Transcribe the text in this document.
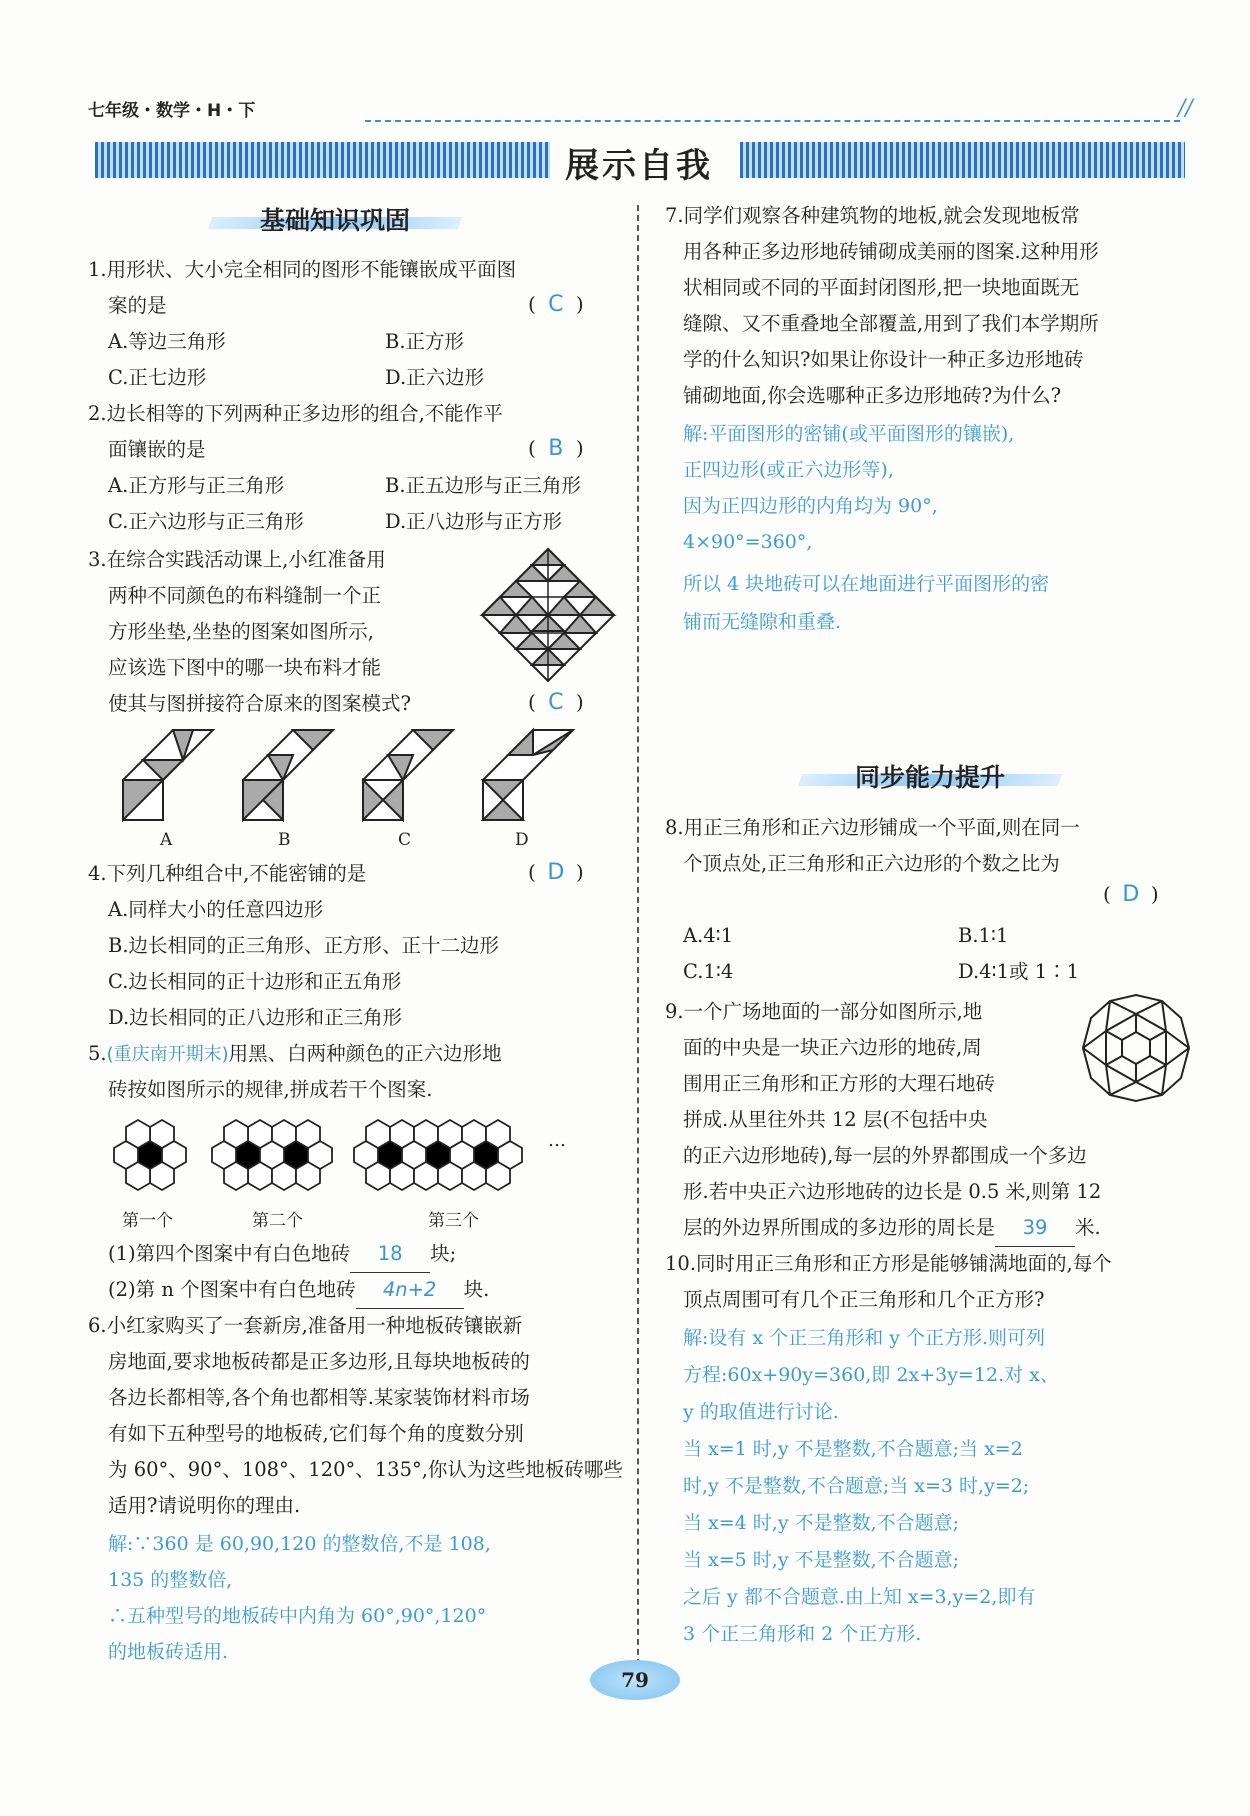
七年级・数学・H・下	//
展示自我
基础知识巩固
同步能力提升
1.用形状、大小完全相同的图形不能镶嵌成平面图
案的是	( C )
A.等边三角形	B.正方形
C.正七边形	D.正六边形
2.边长相等的下列两种正多边形的组合,不能作平
面镶嵌的是	( B )
A.正方形与正三角形	B.正五边形与正三角形
C.正六边形与正三角形	D.正八边形与正方形
3.在综合实践活动课上,小红准备用
两种不同颜色的布料缝制一个正
方形坐垫,坐垫的图案如图所示,
应该选下图中的哪一块布料才能
使其与图拼接符合原来的图案模式?	( C )
A	B	C	D
4.下列几种组合中,不能密铺的是	( D )
A.同样大小的任意四边形
B.边长相同的正三角形、正方形、正十二边形
C.边长相同的正十边形和正五角形
D.边长相同的正八边形和正三角形
5.(重庆南开期末)用黑、白两种颜色的正六边形地
砖按如图所示的规律,拼成若干个图案.
…
第一个	第二个	第三个
(1)第四个图案中有白色地砖 18 块;
(2)第 n 个图案中有白色地砖 4n+2 块.
6.小红家购买了一套新房,准备用一种地板砖镶嵌新
房地面,要求地板砖都是正多边形,且每块地板砖的
各边长都相等,各个角也都相等.某家装饰材料市场
有如下五种型号的地板砖,它们每个角的度数分别
为 60°、90°、108°、120°、135°,你认为这些地板砖哪些
适用?请说明你的理由.
解:∵360 是 60,90,120 的整数倍,不是 108,
135 的整数倍,
∴五种型号的地板砖中内角为 60°,90°,120°
的地板砖适用.
7.同学们观察各种建筑物的地板,就会发现地板常
用各种正多边形地砖铺砌成美丽的图案.这种用形
状相同或不同的平面封闭图形,把一块地面既无
缝隙、又不重叠地全部覆盖,用到了我们本学期所
学的什么知识?如果让你设计一种正多边形地砖
铺砌地面,你会选哪种正多边形地砖?为什么?
解:平面图形的密铺(或平面图形的镶嵌),
正四边形(或正六边形等),
因为正四边形的内角均为 90°,
4×90°=360°,
所以 4 块地砖可以在地面进行平面图形的密
铺而无缝隙和重叠.
8.用正三角形和正六边形铺成一个平面,则在同一
个顶点处,正三角形和正六边形的个数之比为
( D )
A.4∶1	B.1∶1
C.1∶4	D.4∶1或 1∶1
9.一个广场地面的一部分如图所示,地
面的中央是一块正六边形的地砖,周
围用正三角形和正方形的大理石地砖
拼成.从里往外共 12 层(不包括中央
的正六边形地砖),每一层的外界都围成一个多边
形.若中央正六边形地砖的边长是 0.5 米,则第 12
层的外边界所围成的多边形的周长是 39 米.
10.同时用正三角形和正方形是能够铺满地面的,每个
顶点周围可有几个正三角形和几个正方形?
解:设有 x 个正三角形和 y 个正方形.则可列
方程:60x+90y=360,即 2x+3y=12.对 x、
y 的取值进行讨论.
当 x=1 时,y 不是整数,不合题意;当 x=2
时,y 不是整数,不合题意;当 x=3 时,y=2;
当 x=4 时,y 不是整数,不合题意;
当 x=5 时,y 不是整数,不合题意;
之后 y 都不合题意.由上知 x=3,y=2,即有
3 个正三角形和 2 个正方形.
79
